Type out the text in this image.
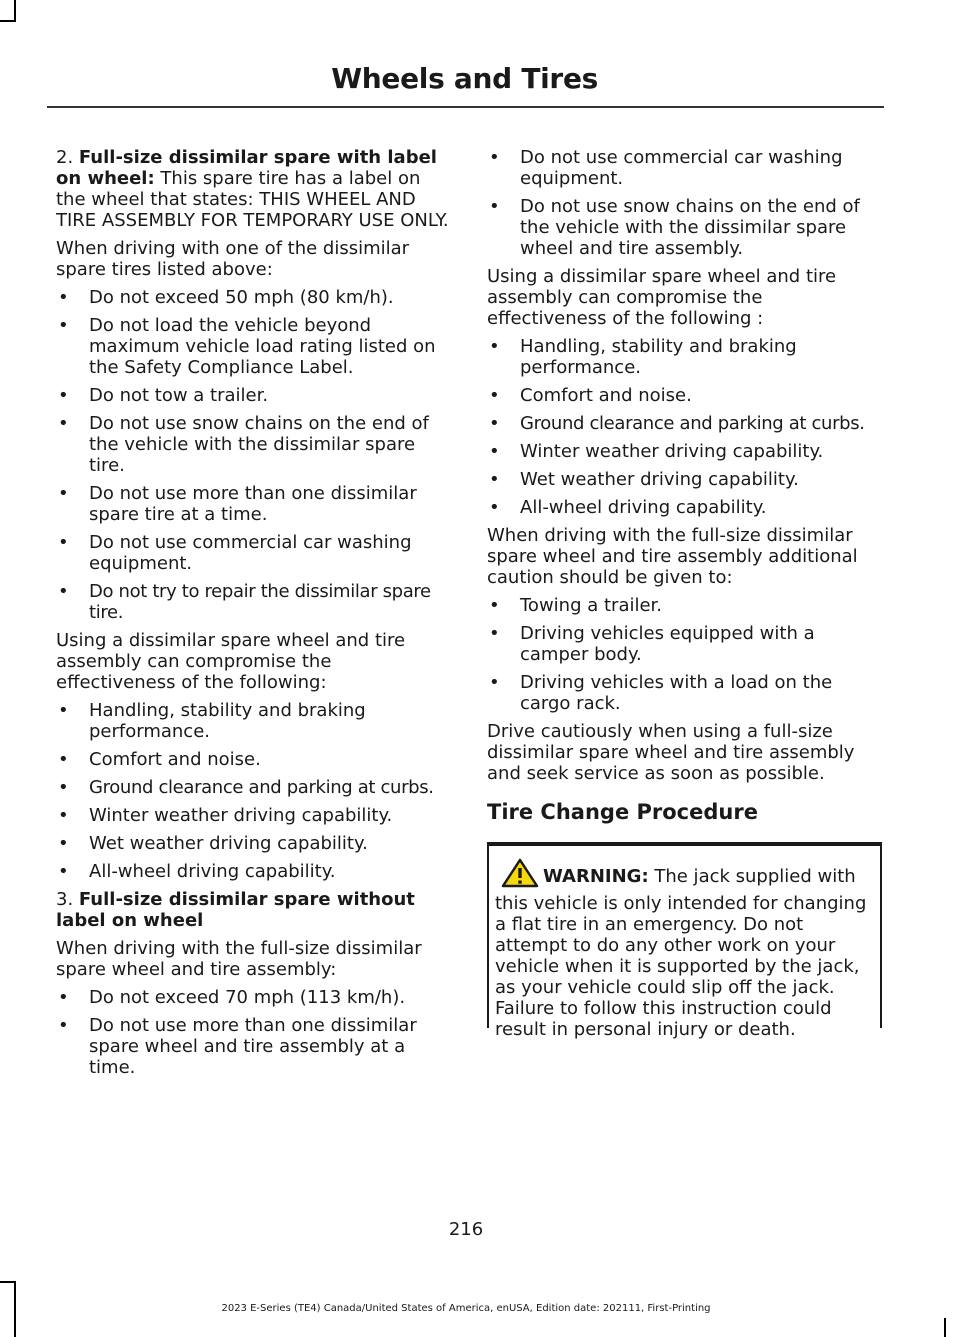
Wheels and Tires

2. Full-size dissimilar spare with label on wheel: This spare tire has a label on the wheel that states: THIS WHEEL AND TIRE ASSEMBLY FOR TEMPORARY USE ONLY.

When driving with one of the dissimilar spare tires listed above:

• Do not exceed 50 mph (80 km/h).
• Do not load the vehicle beyond maximum vehicle load rating listed on the Safety Compliance Label.
• Do not tow a trailer.
• Do not use snow chains on the end of the vehicle with the dissimilar spare tire.
• Do not use more than one dissimilar spare tire at a time.
• Do not use commercial car washing equipment.
• Do not try to repair the dissimilar spare tire.

Using a dissimilar spare wheel and tire assembly can compromise the effectiveness of the following:

• Handling, stability and braking performance.
• Comfort and noise.
• Ground clearance and parking at curbs.
• Winter weather driving capability.
• Wet weather driving capability.
• All-wheel driving capability.

3. Full-size dissimilar spare without label on wheel

When driving with the full-size dissimilar spare wheel and tire assembly:

• Do not exceed 70 mph (113 km/h).
• Do not use more than one dissimilar spare wheel and tire assembly at a time.
• Do not use commercial car washing equipment.
• Do not use snow chains on the end of the vehicle with the dissimilar spare wheel and tire assembly.

Using a dissimilar spare wheel and tire assembly can compromise the effectiveness of the following :

• Handling, stability and braking performance.
• Comfort and noise.
• Ground clearance and parking at curbs.
• Winter weather driving capability.
• Wet weather driving capability.
• All-wheel driving capability.

When driving with the full-size dissimilar spare wheel and tire assembly additional caution should be given to:

• Towing a trailer.
• Driving vehicles equipped with a camper body.
• Driving vehicles with a load on the cargo rack.

Drive cautiously when using a full-size dissimilar spare wheel and tire assembly and seek service as soon as possible.

Tire Change Procedure

WARNING: The jack supplied with this vehicle is only intended for changing a flat tire in an emergency. Do not attempt to do any other work on your vehicle when it is supported by the jack, as your vehicle could slip off the jack. Failure to follow this instruction could result in personal injury or death.

216
2023 E-Series (TE4) Canada/United States of America, enUSA, Edition date: 202111, First-Printing
